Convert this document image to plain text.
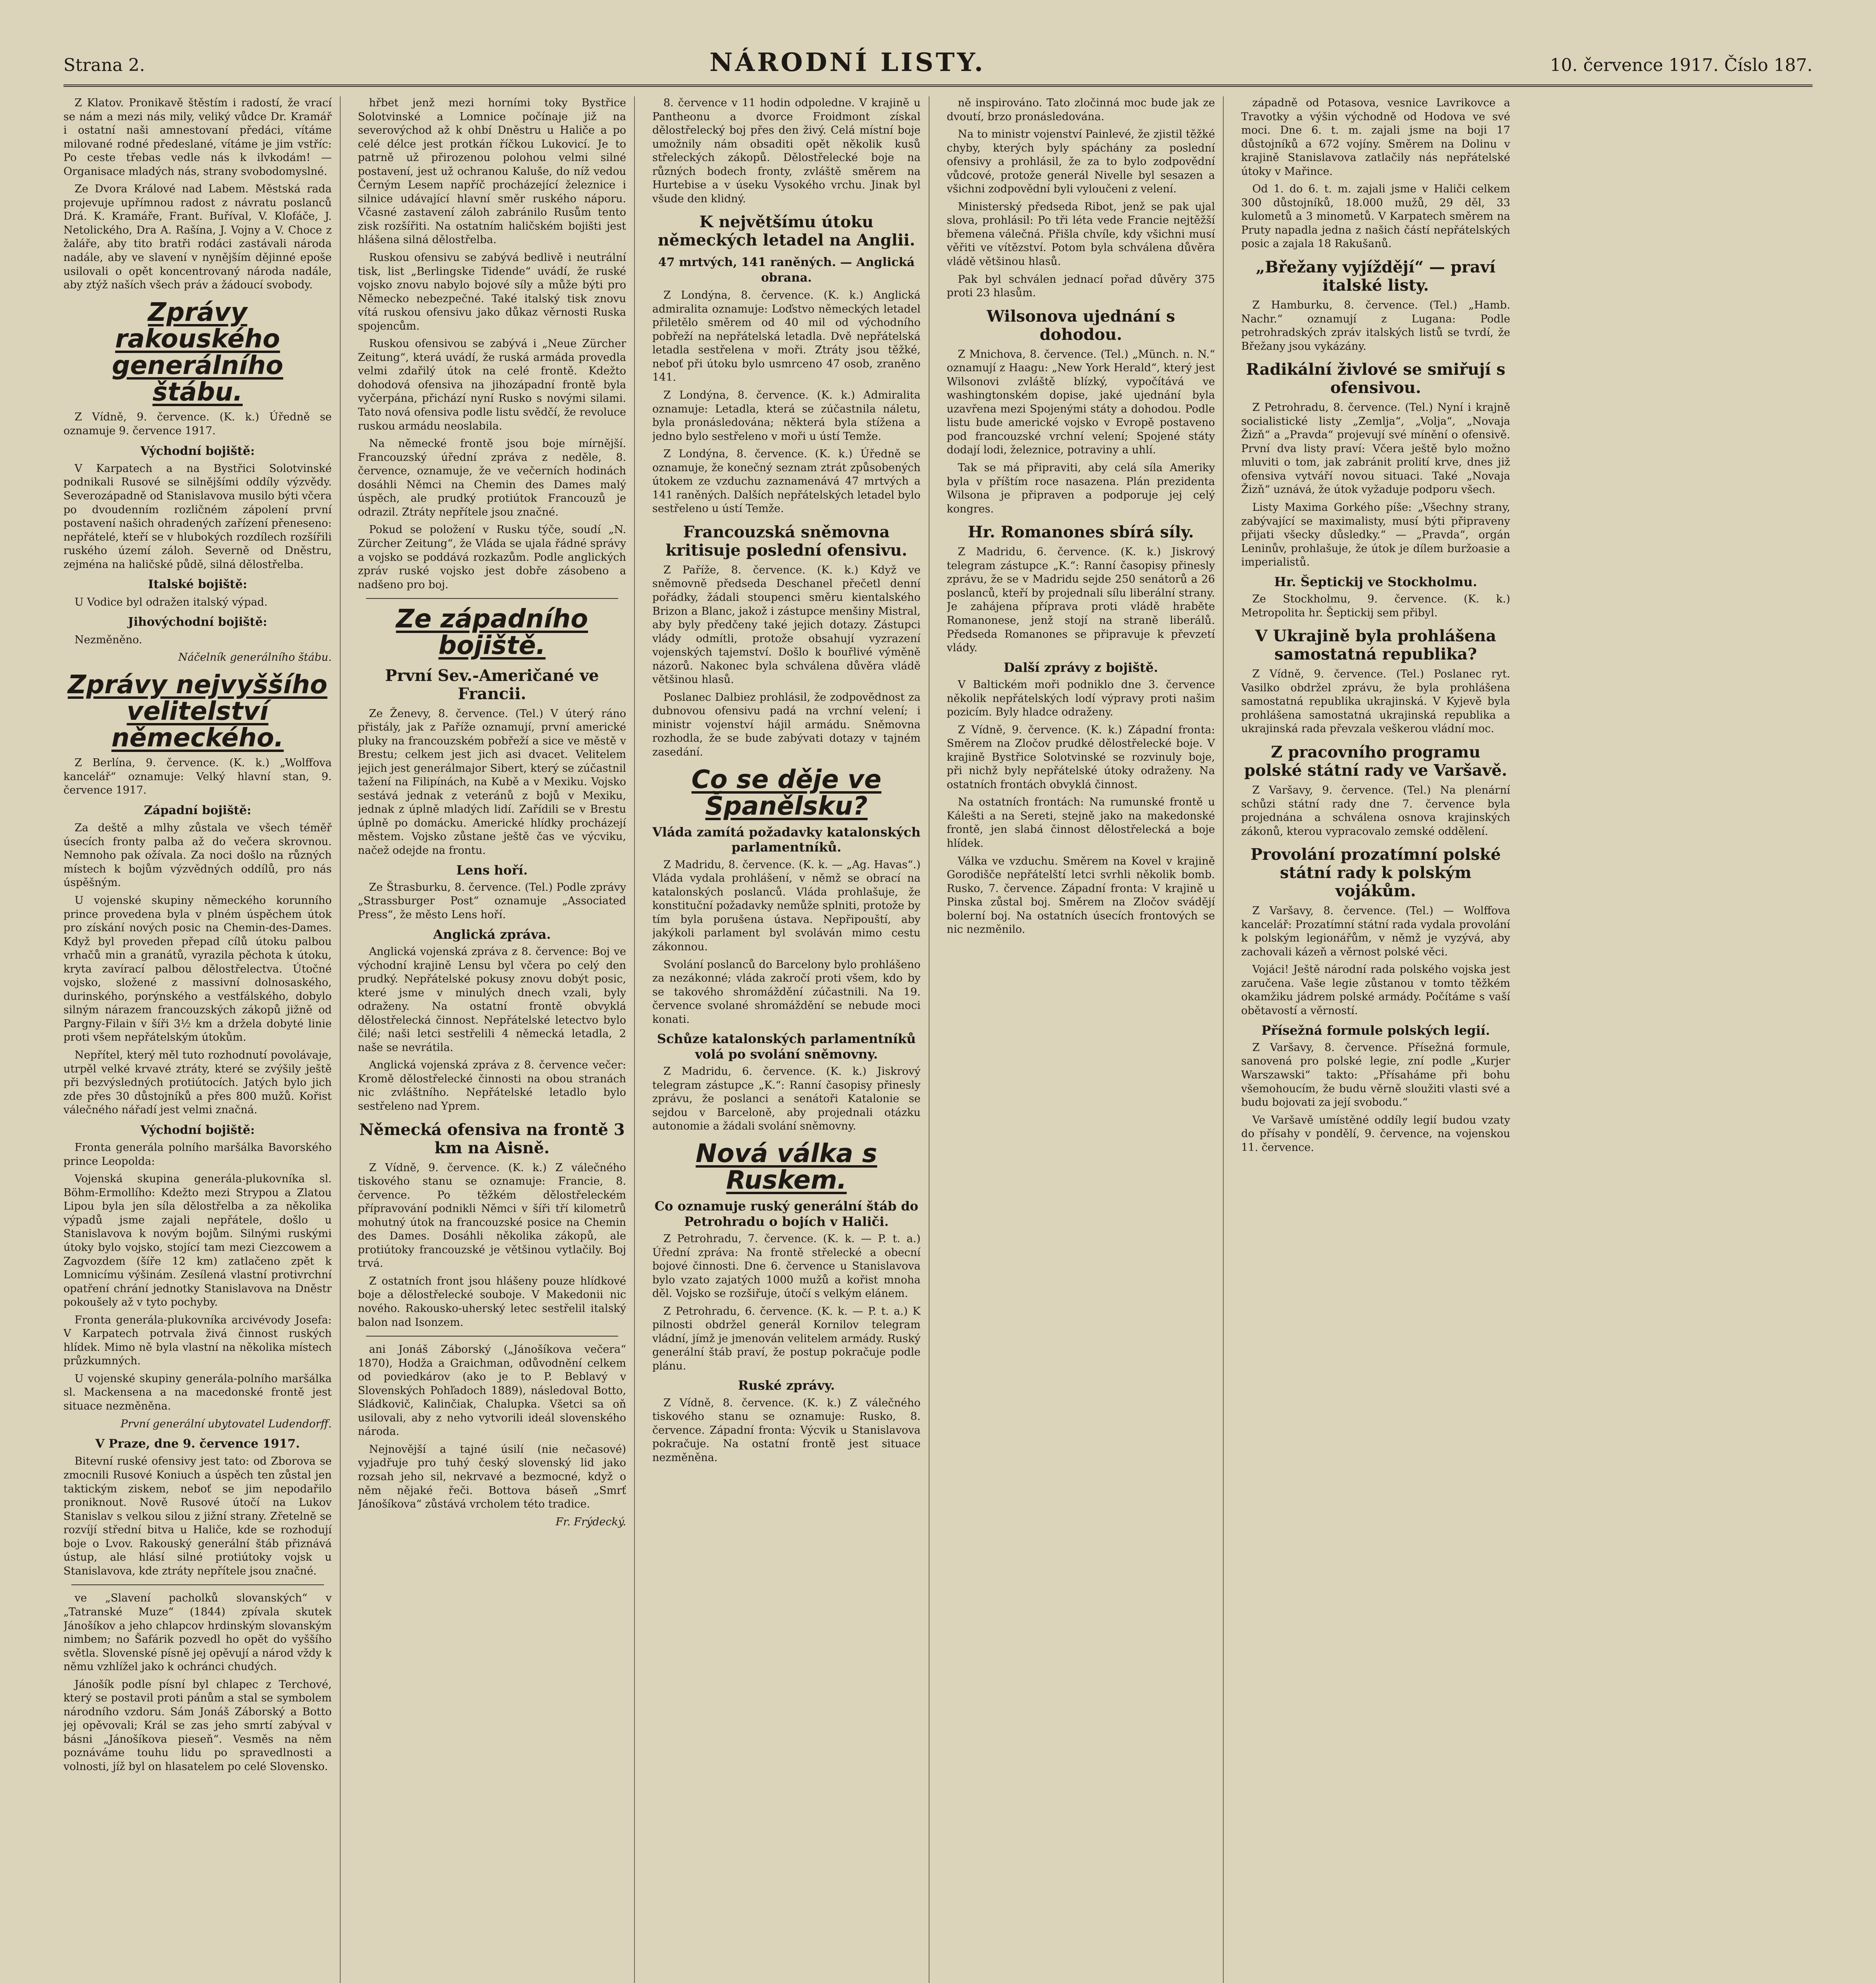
Strana 2.	NÁRODNÍ LISTY.	10. července 1917. Číslo 187.

Z Klatov. Pronikavě štěstím i radostí, že vrací se nám a mezi nás mily, veliký vůdce Dr. Kramář i ostatní naši amnestovaní předáci, vítáme milované rodné předeslané, vítáme je jim vstříc: Po ceste třebas vedle nás k ilvkodám! — Organisace mladých nás, strany svobodomyslné.

Ze Dvora Králové nad Labem. Městská rada projevuje upřímnou radost z návratu poslanců Drá. K. Kramáře, Frant. Buříval, V. Klofáče, J. Netolického, Dra A. Rašína, J. Vojny a V. Choce z žaláře, aby tito bratři rodáci zastávali národa nadále, aby ve slavení v nynějším dějinné epoše usilovali o opět koncentrovaný národa nadále, aby ztýž naších všech práv a žádoucí svobody.

Zprávy rakouského generálního štábu.

Z Vídně, 9. července. (K. k.) Úředně se oznamuje 9. července 1917.

Východní bojiště:

V Karpatech a na Bystřici Solotvinské podnikali Rusové se silnějšími oddíly výzvědy. Severozápadně od Stanislavova musilo býti včera po dvoudenním rozličném zápolení první postavení našich ohradených zařízení přeneseno: nepřátelé, kteří se v hlubokých rozdílech rozšířili ruského území záloh. Severně od Dněstru, zejména na haličské půdě, silná dělostřelba.

Italské bojiště:

U Vodice byl odražen italský výpad.

Jihovýchodní bojiště:

Nezměněno.

Náčelník generálního štábu.

Zprávy nejvyššího velitelství německého.

Z Berlína, 9. července. (K. k.) „Wolffova kancelář“ oznamuje: Velký hlavní stan, 9. července 1917.

Západní bojiště:

Za deště a mlhy zůstala ve všech téměř úsecích fronty palba až do večera skrovnou. Nemnoho pak ožívala. Za noci došlo na různých místech k bojům výzvědných oddílů, pro nás úspěšným.

U vojenské skupiny německého korunního prince provedena byla v plném úspěchem útok pro získání nových posic na Chemin-des-Dames. Když byl proveden přepad cílů útoku palbou vrhačů min a granátů, vyrazila pěchota k útoku, kryta zavírací palbou dělostřelectva. Útočné vojsko, složené z massivní dolnosaského, durinského, porýnského a vestfálského, dobylo silným nárazem francouzských zákopů jižně od Pargny-Filain v šíři 3½ km a držela dobyté linie proti všem nepřátelským útokům.

Nepřítel, který měl tuto rozhodnutí povolávaje, utrpěl velké krvavé ztráty, které se zvýšily ještě při bezvýsledných protiútocích. Jatých bylo jich zde přes 30 důstojníků a přes 800 mužů. Kořist válečného nářadí jest velmi značná.

Východní bojiště:

Fronta generála polního maršálka Bavorského prince Leopolda:

Vojenská skupina generála-plukovníka sl. Böhm-Ermollího: Kdežto mezi Strypou a Zlatou Lipou byla jen síla dělostřelba a za několika výpadů jsme zajali nepřátele, došlo u Stanislavova k novým bojům. Silnými ruskými útoky bylo vojsko, stojící tam mezi Ciezcowem a Zagvozdem (šíře 12 km) zatlačeno zpět k Lomnicímu výšinám. Zesílená vlastní protivrchní opatření chrání jednotky Stanislavova na Dněstr pokoušely až v tyto pochyby.

Fronta generála-plukovníka arcivévody Josefa: V Karpatech potrvala živá činnost ruských hlídek. Mimo ně byla vlastní na několika místech průzkumných.

U vojenské skupiny generála-polního maršálka sl. Mackensena a na macedonské frontě jest situace nezměněna.

První generální ubytovatel Ludendorff.

V Praze, dne 9. července 1917.

Bitevní ruské ofensivy jest tato: od Zborova se zmocnili Rusové Koniuch a úspěch ten zůstal jen taktickým ziskem, neboť se jim nepodařilo proniknout. Nově Rusové útočí na Lukov Stanislav s velkou silou z jižní strany. Zřetelně se rozvíjí střední bitva u Haliče, kde se rozhodují boje o Lvov. Rakouský generální štáb přiznává ústup, ale hlásí silné protiútoky vojsk u Stanislavova, kde ztráty nepřítele jsou značné.

ve „Slavení pacholků slovanských“ v „Tatranské Muze“ (1844) zpívala skutek Jánošíkov a jeho chlapcov hrdinským slovanským nimbem; no Šafárik pozvedl ho opět do vyššího světla. Slovenské písně jej opěvují a národ vždy k němu vzhlížel jako k ochránci chudých.

Jánošík podle písní byl chlapec z Terchové, který se postavil proti pánům a stal se symbolem národního vzdoru. Sám Jonáš Záborský a Botto jej opěvovali; Král se zas jeho smrtí zabýval v básni „Jánošíkova pieseň“. Vesměs na něm poznáváme touhu lidu po spravedlnosti a volnosti, jíž byl on hlasatelem po celé Slovensko.

hřbet jenž mezi horními toky Bystřice Solotvinské a Lomnice počínaje již na severovýchod až k ohbí Dněstru u Haliče a po celé délce jest protkán říčkou Lukovicí. Je to patrně už přirozenou polohou velmi silné postavení, jest už ochranou Kaluše, do níž vedou Černým Lesem napříč procházející železnice i silnice udávající hlavní směr ruského náporu. Včasné zastavení záloh zabránilo Rusům tento zisk rozšířiti. Na ostatním haličském bojišti jest hlášena silná dělostřelba.

Ruskou ofensivu se zabývá bedlivě i neutrální tisk, list „Berlingske Tidende“ uvádí, že ruské vojsko znovu nabylo bojové síly a může býti pro Německo nebezpečné. Také italský tisk znovu vítá ruskou ofensivu jako důkaz věrnosti Ruska spojencům.

Ruskou ofensivou se zabývá i „Neue Zürcher Zeitung“, která uvádí, že ruská armáda provedla velmi zdařilý útok na celé frontě. Kdežto dohodová ofensiva na jihozápadní frontě byla vyčerpána, přichází nyní Rusko s novými silami. Tato nová ofensiva podle listu svědčí, že revoluce ruskou armádu neoslabila.

Na německé frontě jsou boje mírnější. Francouzský úřední zpráva z neděle, 8. července, oznamuje, že ve večerních hodinách dosáhli Němci na Chemin des Dames malý úspěch, ale prudký protiútok Francouzů je odrazil. Ztráty nepřítele jsou značné.

Pokud se položení v Rusku týče, soudí „N. Zürcher Zeitung“, že Vláda se ujala řádné správy a vojsko se poddává rozkazům. Podle anglických zpráv ruské vojsko jest dobře zásobeno a nadšeno pro boj.

Ze západního bojiště.
První Sev.-Američané ve Francii.

Ze Ženevy, 8. července. (Tel.) V úterý ráno přistály, jak z Paříže oznamují, první americké pluky na francouzském pobřeží a sice ve městě v Brestu; celkem jest jich asi dvacet. Velitelem jejich jest generálmajor Sibert, který se zúčastnil tažení na Filipínách, na Kubě a v Mexiku. Vojsko sestává jednak z veteránů z bojů v Mexiku, jednak z úplně mladých lidí. Zařídili se v Brestu úplně po domácku. Americké hlídky procházejí městem. Vojsko zůstane ještě čas ve výcviku, načež odejde na frontu.

Lens hoří.

Ze Štrasburku, 8. července. (Tel.) Podle zprávy „Strassburger Post“ oznamuje „Associated Press“, že město Lens hoří.

Anglická zpráva.

Anglická vojenská zpráva z 8. července: Boj ve východní krajině Lensu byl včera po celý den prudký. Nepřátelské pokusy znovu dobýt posic, které jsme v minulých dnech vzali, byly odraženy. Na ostatní frontě obvyklá dělostřelecká činnost. Nepřátelské letectvo bylo čilé; naši letci sestřelili 4 německá letadla, 2 naše se nevrátila.

Anglická vojenská zpráva z 8. července večer: Kromě dělostřelecké činnosti na obou stranách nic zvláštního. Nepřátelské letadlo bylo sestřeleno nad Yprem.

Německá ofensiva na frontě 3 km na Aisně.

Z Vídně, 9. července. (K. k.) Z válečného tiskového stanu se oznamuje: Francie, 8. července. Po těžkém dělostřeleckém přípravování podnikli Němci v šíři tří kilometrů mohutný útok na francouzské posice na Chemin des Dames. Dosáhli několika zákopů, ale protiútoky francouzské je většinou vytlačily. Boj trvá.

Z ostatních front jsou hlášeny pouze hlídkové boje a dělostřelecké souboje. V Makedonii nic nového. Rakousko-uherský letec sestřelil italský balon nad Isonzem.

ani Jonáš Záborský („Jánošíkova večera“ 1870), Hodža a Graichman, odůvodnění celkem od poviedkárov (ako je to P. Beblavý v Slovenských Pohľadoch 1889), následoval Botto, Sládkovič, Kalinčiak, Chalupka. Všetci sa oň usilovali, aby z neho vytvorili ideál slovenského národa.

Nejnovější a tajné úsilí (nie nečasové) vyjadřuje pro tuhý český slovenský lid jako rozsah jeho sil, nekrvavé a bezmocné, když o něm nějaké řeči. Bottova báseň „Smrť Jánošíkova“ zůstává vrcholem této tradice.

Fr. Frýdecký.

8. července v 11 hodin odpoledne. V krajině u Pantheonu a dvorce Froidmont získal dělostřelecký boj přes den živý. Celá místní boje umožnily nám obsaditi opět několik kusů střeleckých zákopů. Dělostřelecké boje na různých bodech fronty, zvláště směrem na Hurtebise a v úseku Vysokého vrchu. Jinak byl všude den klidný.

K největšímu útoku německých letadel na Anglii.

47 mrtvých, 141 raněných. — Anglická obrana.

Z Londýna, 8. července. (K. k.) Anglická admiralita oznamuje: Loďstvo německých letadel přiletělo směrem od 40 mil od východního pobřeží na nepřátelská letadla. Dvě nepřátelská letadla sestřelena v moři. Ztráty jsou těžké, neboť při útoku bylo usmrceno 47 osob, zraněno 141.

Z Londýna, 8. července. (K. k.) Admiralita oznamuje: Letadla, která se zúčastnila náletu, byla pronásledována; některá byla stížena a jedno bylo sestřeleno v moři u ústí Temže.

Z Londýna, 8. července. (K. k.) Úředně se oznamuje, že konečný seznam ztrát způsobených útokem ze vzduchu zaznamenává 47 mrtvých a 141 raněných. Dalších nepřátelských letadel bylo sestřeleno u ústí Temže.

Francouzská sněmovna kritisuje poslední ofensivu.

Z Paříže, 8. července. (K. k.) Když ve sněmovně předseda Deschanel přečetl denní pořádky, žádali stoupenci směru kientalského Brizon a Blanc, jakož i zástupce menšiny Mistral, aby byly předčeny také jejich dotazy. Zástupci vlády odmítli, protože obsahují vyzrazení vojenských tajemství. Došlo k bouřlivé výměně názorů. Nakonec byla schválena důvěra vládě většinou hlasů.

Poslanec Dalbiez prohlásil, že zodpovědnost za dubnovou ofensivu padá na vrchní velení; i ministr vojenství hájil armádu. Sněmovna rozhodla, že se bude zabývati dotazy v tajném zasedání.

Co se děje ve Španělsku?
Vláda zamítá požadavky katalonských parlamentníků.

Z Madridu, 8. července. (K. k. — „Ag. Havas“.) Vláda vydala prohlášení, v němž se obrací na katalonských poslanců. Vláda prohlašuje, že konstituční požadavky nemůže splniti, protože by tím byla porušena ústava. Nepřipouští, aby jakýkoli parlament byl svoláván mimo cestu zákonnou.

Svolání poslanců do Barcelony bylo prohlášeno za nezákonné; vláda zakročí proti všem, kdo by se takového shromáždění zúčastnili. Na 19. července svolané shromáždění se nebude moci konati.

Schůze katalonských parlamentníků volá po svolání sněmovny.

Z Madridu, 6. července. (K. k.) Jiskrový telegram zástupce „K.“: Ranní časopisy přinesly zprávu, že poslanci a senátoři Katalonie se sejdou v Barceloně, aby projednali otázku autonomie a žádali svolání sněmovny.

Nová válka s Ruskem.
Co oznamuje ruský generální štáb do Petrohradu o bojích v Haliči.

Z Petrohradu, 7. července. (K. k. — P. t. a.) Úřední zpráva: Na frontě střelecké a obecní bojové činnosti. Dne 6. července u Stanislavova bylo vzato zajatých 1000 mužů a kořist mnoha děl. Vojsko se rozšiřuje, útočí s velkým elánem.

Z Petrohradu, 6. července. (K. k. — P. t. a.) K pilnosti obdržel generál Kornilov telegram vládní, jímž je jmenován velitelem armády. Ruský generální štáb praví, že postup pokračuje podle plánu.

Ruské zprávy.

Z Vídně, 8. července. (K. k.) Z válečného tiskového stanu se oznamuje: Rusko, 8. července. Západní fronta: Výcvik u Stanislavova pokračuje. Na ostatní frontě jest situace nezměněna.

ně inspirováno. Tato zločinná moc bude jak ze dvoutí, brzo pronásledována.

Na to ministr vojenství Painlevé, že zjistil těžké chyby, kterých byly spáchány za poslední ofensivy a prohlásil, že za to bylo zodpovědní vůdcové, protože generál Nivelle byl sesazen a všichni zodpovědní byli vyloučeni z velení.

Ministerský předseda Ribot, jenž se pak ujal slova, prohlásil: Po tři léta vede Francie nejtěžší břemena válečná. Přišla chvíle, kdy všichni musí věřiti ve vítězství. Potom byla schválena důvěra vládě většinou hlasů.

Pak byl schválen jednací pořad důvěry 375 proti 23 hlasům.

Wilsonova ujednání s dohodou.

Z Mnichova, 8. července. (Tel.) „Münch. n. N.“ oznamují z Haagu: „New York Herald“, který jest Wilsonovi zvláště blízký, vypočítává ve washingtonském dopise, jaké ujednání byla uzavřena mezi Spojenými státy a dohodou. Podle listu bude americké vojsko v Evropě postaveno pod francouzské vrchní velení; Spojené státy dodají lodi, železnice, potraviny a uhlí.

Tak se má připraviti, aby celá síla Ameriky byla v příštím roce nasazena. Plán prezidenta Wilsona je připraven a podporuje jej celý kongres.

Hr. Romanones sbírá síly.

Z Madridu, 6. července. (K. k.) Jiskrový telegram zástupce „K.“: Ranní časopisy přinesly zprávu, že se v Madridu sejde 250 senátorů a 26 poslanců, kteří by projednali sílu liberální strany. Je zahájena příprava proti vládě hraběte Romanonese, jenž stojí na straně liberálů. Předseda Romanones se připravuje k převzetí vlády.

Další zprávy z bojiště.

V Baltickém moři podniklo dne 3. července několik nepřátelských lodí výpravy proti našim pozicím. Byly hladce odraženy.

Z Vídně, 9. července. (K. k.) Západní fronta: Směrem na Zločov prudké dělostřelecké boje. V krajině Bystřice Solotvinské se rozvinuly boje, při nichž byly nepřátelské útoky odraženy. Na ostatních frontách obvyklá činnost.

Na ostatních frontách: Na rumunské frontě u Kálešti a na Sereti, stejně jako na makedonské frontě, jen slabá činnost dělostřelecká a boje hlídek.

Válka ve vzduchu. Směrem na Kovel v krajině Gorodišče nepřátelští letci svrhli několik bomb. Rusko, 7. července. Západní fronta: V krajině u Pinska zůstal boj. Směrem na Zločov svádějí bolerní boj. Na ostatních úsecích frontových se nic nezměnilo.

západně od Potasova, vesnice Lavrikovce a Travotky a výšin východně od Hodova ve své moci. Dne 6. t. m. zajali jsme na boji 17 důstojníků a 672 vojíny. Směrem na Dolinu v krajině Stanislavova zatlačily nás nepřátelské útoky v Mařince.

Od 1. do 6. t. m. zajali jsme v Haliči celkem 300 důstojníků, 18.000 mužů, 29 děl, 33 kulometů a 3 minometů. V Karpatech směrem na Pruty napadla jedna z našich částí nepřátelských posic a zajala 18 Rakušanů.

„Břežany vyjíždějí“ — praví italské listy.

Z Hamburku, 8. července. (Tel.) „Hamb. Nachr.“ oznamují z Lugana: Podle petrohradských zpráv italských listů se tvrdí, že Břežany jsou vykázány.

Radikální živlové se smiřují s ofensivou.

Z Petrohradu, 8. července. (Tel.) Nyní i krajně socialistické listy „Zemlja“, „Volja“, „Novaja Žizň“ a „Pravda“ projevují své mínění o ofensivě. První dva listy praví: Včera ještě bylo možno mluviti o tom, jak zabránit prolití krve, dnes již ofensiva vytváří novou situaci. Také „Novaja Žizň“ uznává, že útok vyžaduje podporu všech.

Listy Maxima Gorkého píše: „Všechny strany, zabývající se maximalisty, musí býti připraveny přijati všecky důsledky.“ — „Pravda“, orgán Leninův, prohlašuje, že útok je dílem buržoasie a imperialistů.

Hr. Šeptickij ve Stockholmu.

Ze Stockholmu, 9. července. (K. k.) Metropolita hr. Šeptickij sem přibyl.

V Ukrajině byla prohlášena samostatná republika?

Z Vídně, 9. července. (Tel.) Poslanec ryt. Vasilko obdržel zprávu, že byla prohlášena samostatná republika ukrajinská. V Kyjevě byla prohlášena samostatná ukrajinská republika a ukrajinská rada převzala veškerou vládní moc.

Z pracovního programu polské státní rady ve Varšavě.

Z Varšavy, 9. července. (Tel.) Na plenární schůzi státní rady dne 7. července byla projednána a schválena osnova krajinských zákonů, kterou vypracovalo zemské oddělení.

Provolání prozatímní polské státní rady k polským vojákům.

Z Varšavy, 8. července. (Tel.) — Wolffova kancelář: Prozatímní státní rada vydala provolání k polským legionářům, v němž je vyzývá, aby zachovali kázeň a věrnost polské věci.

Vojáci! Ještě národní rada polského vojska jest zaručena. Vaše legie zůstanou v tomto těžkém okamžiku jádrem polské armády. Počítáme s vaší obětavostí a věrností.

Přísežná formule polských legií.

Z Varšavy, 8. července. Přísežná formule, sanovená pro polské legie, zní podle „Kurjer Warszawski“ takto: „Přísaháme při bohu všemohoucím, že budu věrně sloužiti vlasti své a budu bojovati za její svobodu.“

Ve Varšavě umístěné oddíly legií budou vzaty do přísahy v pondělí, 9. července, na vojenskou 11. července.
